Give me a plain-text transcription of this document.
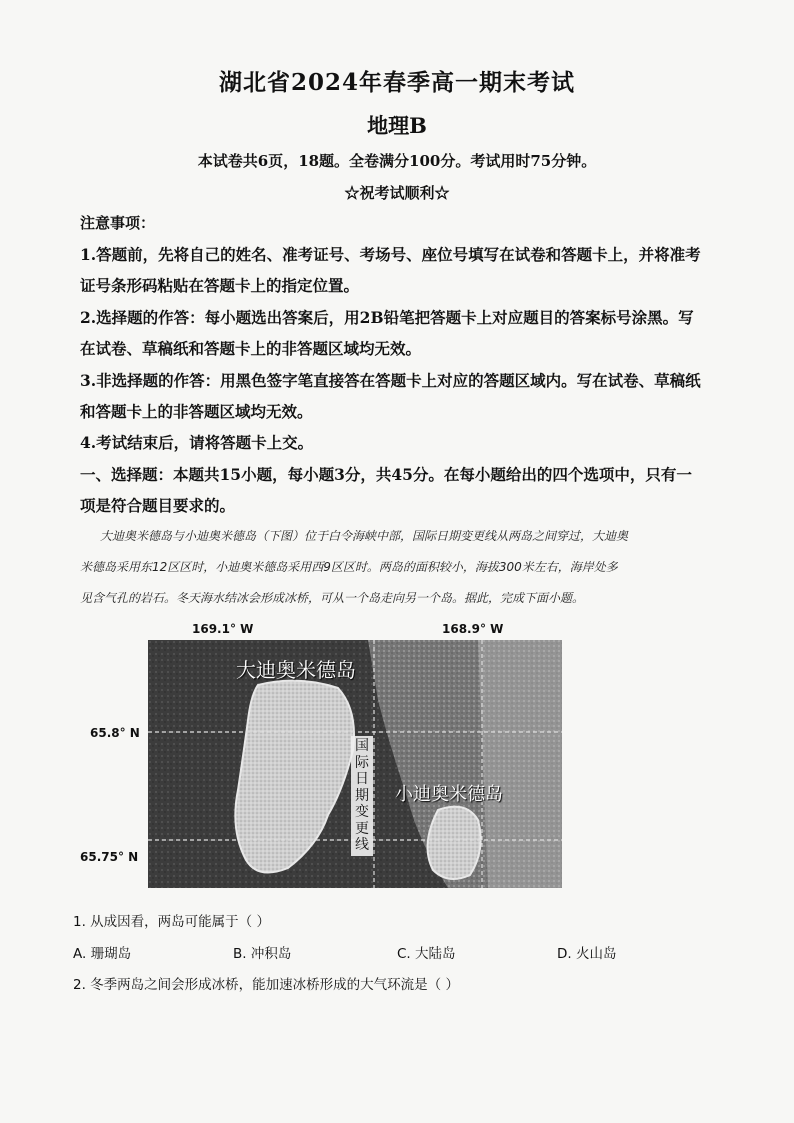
湖北省2024年春季高一期末考试
地理B
本试卷共6页，18题。全卷满分100分。考试用时75分钟。
☆祝考试顺利☆
注意事项：
1.答题前，先将自己的姓名、准考证号、考场号、座位号填写在试卷和答题卡上，并将准考
证号条形码粘贴在答题卡上的指定位置。
2.选择题的作答：每小题选出答案后，用2B铅笔把答题卡上对应题目的答案标号涂黑。写
在试卷、草稿纸和答题卡上的非答题区域均无效。
3.非选择题的作答：用黑色签字笔直接答在答题卡上对应的答题区域内。写在试卷、草稿纸
和答题卡上的非答题区域均无效。
4.考试结束后，请将答题卡上交。
一、选择题：本题共15小题，每小题3分，共45分。在每小题给出的四个选项中，只有一
项是符合题目要求的。
大迪奥米德岛与小迪奥米德岛（下图）位于白令海峡中部，国际日期变更线从两岛之间穿过，大迪奥
米德岛采用东12区区时，小迪奥米德岛采用西9区区时。两岛的面积较小，海拔300米左右，海岸处多
见含气孔的岩石。冬天海水结冰会形成冰桥，可从一个岛走向另一个岛。据此，完成下面小题。
169.1° W	168.9° W
65.8° N
65.75° N
大迪奥米德岛
小迪奥米德岛
国
际
日
期
变
更
线
1. 从成因看，两岛可能属于（ ）
A. 珊瑚岛	B. 冲积岛	C. 大陆岛	D. 火山岛
2. 冬季两岛之间会形成冰桥，能加速冰桥形成的大气环流是（ ）
